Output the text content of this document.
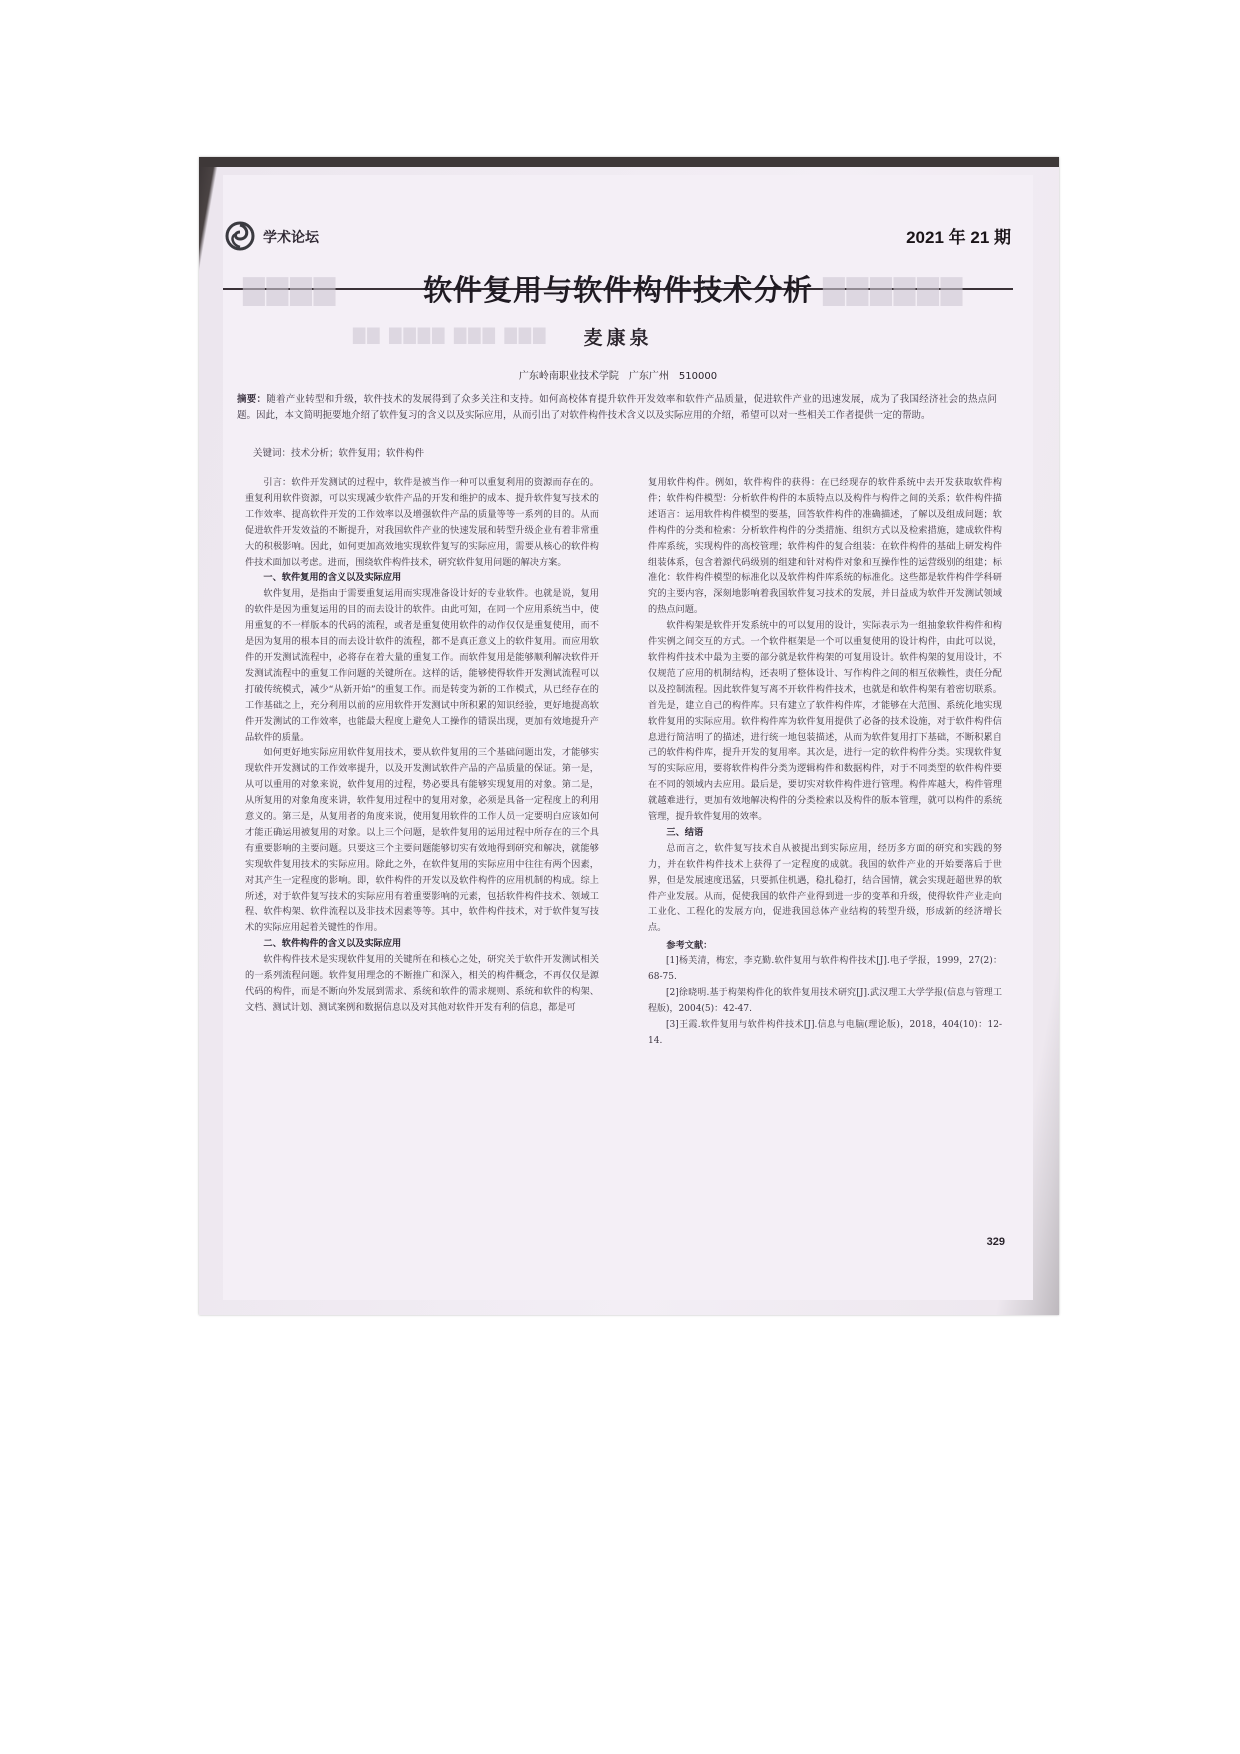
学术论坛	2021 年 21 期
▇▇▇▇	▇▇▇▇▇▇
▇▇ ▇▇▇▇ ▇▇▇ ▇▇▇
软件复用与软件构件技术分析
麦康泉
广东岭南职业技术学院　广东广州　510000
摘要：随着产业转型和升级，软件技术的发展得到了众多关注和支持。如何高校体育提升软件开发效率和软件产品质量，促进软件产业的迅速发展，成为了我国经济社会的热点问题。因此，本文简明扼要地介绍了软件复习的含义以及实际应用，从而引出了对软件构件技术含义以及实际应用的介绍，希望可以对一些相关工作者提供一定的帮助。
关键词：技术分析；软件复用；软件构件

引言：软件开发测试的过程中，软件是被当作一种可以重复利用的资源而存在的。重复利用软件资源，可以实现减少软件产品的开发和维护的成本、提升软件复写技术的工作效率、提高软件开发的工作效率以及增强软件产品的质量等等一系列的目的。从而促进软件开发效益的不断提升，对我国软件产业的快速发展和转型升级企业有着非常重大的积极影响。因此，如何更加高效地实现软件复写的实际应用，需要从核心的软件构件技术面加以考虑。进而，围绕软件构件技术，研究软件复用问题的解决方案。

一、软件复用的含义以及实际应用

软件复用，是指由于需要重复运用而实现准备设计好的专业软件。也就是说，复用的软件是因为重复运用的目的而去设计的软件。由此可知，在同一个应用系统当中，使用重复的不一样版本的代码的流程，或者是重复使用软件的动作仅仅是重复使用，而不是因为复用的根本目的而去设计软件的流程，都不是真正意义上的软件复用。而应用软件的开发测试流程中，必将存在着大量的重复工作。而软件复用是能够顺利解决软件开发测试流程中的重复工作问题的关键所在。这样的话，能够使得软件开发测试流程可以打破传统模式，减少“从新开始”的重复工作。而是转变为新的工作模式，从已经存在的工作基础之上，充分利用以前的应用软件开发测试中所积累的知识经验，更好地提高软件开发测试的工作效率，也能最大程度上避免人工操作的错误出现，更加有效地提升产品软件的质量。

如何更好地实际应用软件复用技术，要从软件复用的三个基础问题出发，才能够实现软件开发测试的工作效率提升，以及开发测试软件产品的产品质量的保证。第一是，从可以重用的对象来说，软件复用的过程，势必要具有能够实现复用的对象。第二是，从所复用的对象角度来讲，软件复用过程中的复用对象，必须是具备一定程度上的利用意义的。第三是，从复用者的角度来说，使用复用软件的工作人员一定要明白应该如何才能正确运用被复用的对象。以上三个问题，是软件复用的运用过程中所存在的三个具有重要影响的主要问题。只要这三个主要问题能够切实有效地得到研究和解决，就能够实现软件复用技术的实际应用。除此之外，在软件复用的实际应用中往往有两个因素，对其产生一定程度的影响。即，软件构件的开发以及软件构件的应用机制的构成。综上所述，对于软件复写技术的实际应用有着重要影响的元素，包括软件构件技术、领域工程、软件构架、软件流程以及非技术因素等等。其中，软件构件技术，对于软件复写技术的实际应用起着关键性的作用。

二、软件构件的含义以及实际应用

软件构件技术是实现软件复用的关键所在和核心之处，研究关于软件开发测试相关的一系列流程问题。软件复用理念的不断推广和深入，相关的构件概念，不再仅仅是源代码的构件，而是不断向外发展到需求、系统和软件的需求规则、系统和软件的构架、文档、测试计划、测试案例和数据信息以及对其他对软件开发有利的信息，都是可

复用软件构件。例如，软件构件的获得：在已经现存的软件系统中去开发获取软件构件；软件构件模型：分析软件构件的本质特点以及构件与构件之间的关系；软件构件描述语言：运用软件构件模型的要基，回答软件构件的准确描述，了解以及组成问题；软件构件的分类和检索：分析软件构件的分类措施、组织方式以及检索措施，建成软件构件库系统，实现构件的高校管理；软件构件的复合组装：在软件构件的基础上研发构件组装体系，包含着源代码级别的组建和针对构件对象和互操作性的运营级别的组建；标准化：软件构件模型的标准化以及软件构件库系统的标准化。这些都是软件构件学科研究的主要内容，深刻地影响着我国软件复习技术的发展，并日益成为软件开发测试领域的热点问题。

软件构架是软件开发系统中的可以复用的设计，实际表示为一组抽象软件构件和构件实例之间交互的方式。一个软件框架是一个可以重复使用的设计构件，由此可以说，软件构件技术中最为主要的部分就是软件构架的可复用设计。软件构架的复用设计，不仅规范了应用的机制结构，还表明了整体设计、写作构件之间的相互依赖性，责任分配以及控制流程。因此软件复写离不开软件构件技术，也就是和软件构架有着密切联系。首先是，建立自己的构件库。只有建立了软件构件库，才能够在大范围、系统化地实现软件复用的实际应用。软件构件库为软件复用提供了必备的技术设施，对于软件构件信息进行简洁明了的描述，进行统一地包装描述，从而为软件复用打下基础，不断积累自己的软件构件库，提升开发的复用率。其次是，进行一定的软件构件分类。实现软件复写的实际应用，要将软件构件分类为逻辑构件和数据构件，对于不同类型的软件构件要在不同的领域内去应用。最后是，要切实对软件构件进行管理。构件库越大，构件管理就越难进行，更加有效地解决构件的分类检索以及构件的版本管理，就可以构件的系统管理，提升软件复用的效率。

三、结语

总而言之，软件复写技术自从被提出到实际应用，经历多方面的研究和实践的努力，并在软件构件技术上获得了一定程度的成就。我国的软件产业的开始要落后于世界，但是发展速度迅猛，只要抓住机遇，稳扎稳打，结合国情，就会实现赶超世界的软件产业发展。从而，促使我国的软件产业得到进一步的变革和升级，使得软件产业走向工业化、工程化的发展方向，促进我国总体产业结构的转型升级，形成新的经济增长点。

参考文献：

[1]杨芙清，梅宏，李克勤.软件复用与软件构件技术[J].电子学报，1999，27(2)：68-75.

[2]徐晓明.基于构架构件化的软件复用技术研究[J].武汉理工大学学报(信息与管理工程版)，2004(5)：42-47.

[3]王霞.软件复用与软件构件技术[J].信息与电脑(理论版)，2018，404(10)：12-14.

329
